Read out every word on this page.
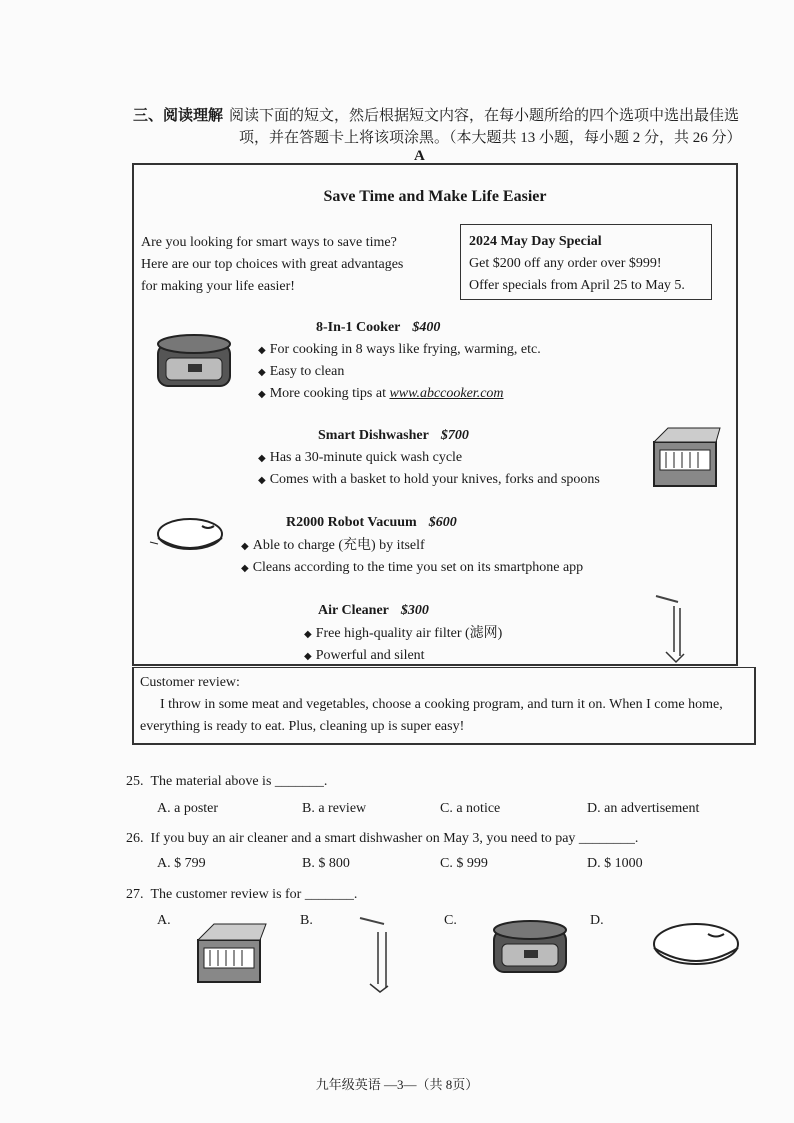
三、阅读理解 阅读下面的短文，然后根据短文内容，在每小题所给的四个选项中选出最佳选
项，并在答题卡上将该项涂黑。（本大题共 13 小题，每小题 2 分，共 26 分）
A
Save Time and Make Life Easier
Are you looking for smart ways to save time?
Here are our top choices with great advantages
for making your life easier!
2024 May Day Special
Get $200 off any order over $999!
Offer specials from April 25 to May 5.
8-In-1 Cooker $400
◆ For cooking in 8 ways like frying, warming, etc.
◆ Easy to clean
◆ More cooking tips at www.abccooker.com
Smart Dishwasher $700
◆ Has a 30-minute quick wash cycle
◆ Comes with a basket to hold your knives, forks and spoons
R2000 Robot Vacuum $600
◆ Able to charge (充电) by itself
◆ Cleans according to the time you set on its smartphone app
Air Cleaner $300
◆ Free high-quality air filter (滤网)
◆ Powerful and silent
Customer review:
I throw in some meat and vegetables, choose a cooking program, and turn it on. When I come home, everything is ready to eat. Plus, cleaning up is super easy!
25. The material above is _______.
A. a poster	B. a review	C. a notice	D. an advertisement
26. If you buy an air cleaner and a smart dishwasher on May 3, you need to pay ________.
A. $ 799	B. $ 800	C. $ 999	D. $ 1000
27. The customer review is for _______.
A.	B.	C.	D.
九年级英语 —3—（共 8页）
